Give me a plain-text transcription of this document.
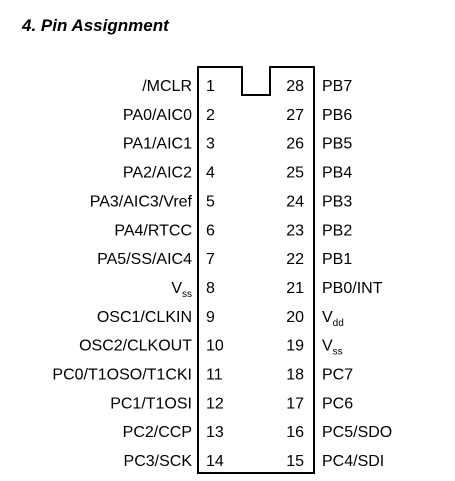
4. Pin Assignment
/MCLR
PA0/AIC0
PA1/AIC1
PA2/AIC2
PA3/AIC3/Vref
PA4/RTCC
PA5/SS/AIC4
$V_{ss}$
OSC1/CLKIN
OSC2/CLKOUT
PC0/T1OSO/T1CKI
PC1/T1OSI
PC2/CCP
PC3/SCK
1
2
3
4
5
6
7
8
9
10
11
12
13
14
28
27
26
25
24
23
22
21
20
19
18
17
16
15
PB7
PB6
PB5
PB4
PB3
PB2
PB1
PB0/INT
$V_{dd}$
$V_{ss}$
PC7
PC6
PC5/SDO
PC4/SDI
